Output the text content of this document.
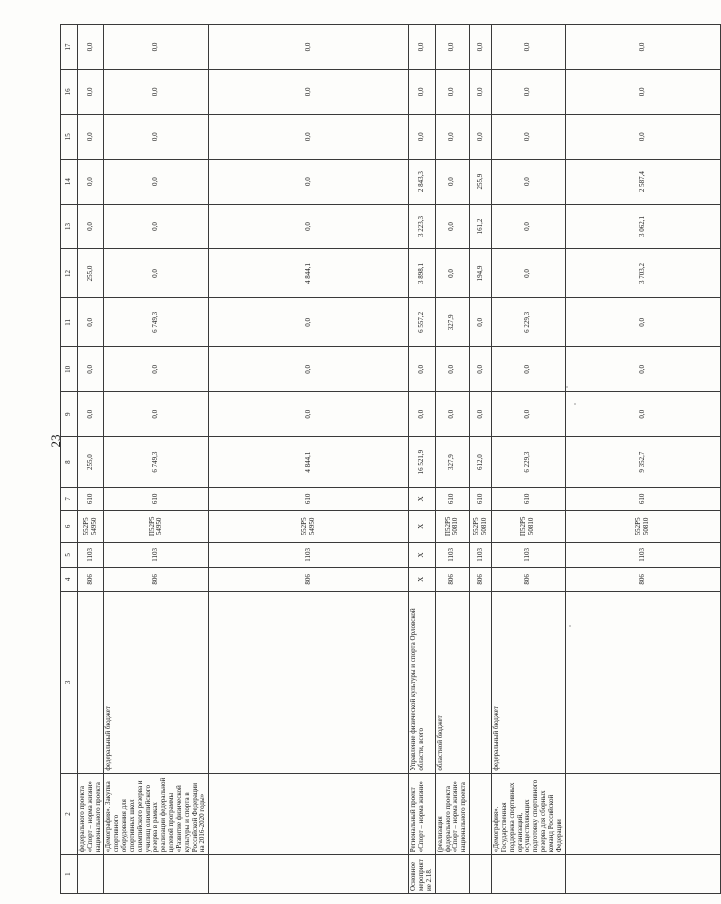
23
1	2	3	4	5	6	7	8	9	10	11	12	13	14	15	16	17
	федерального проекта «Спорт – норма жизни» национального проекта		806	1103	552P5 54950	610	255,0	0,0	0,0	0,0	255,0	0,0	0,0	0,0	0,0	0,0
	«Демография». Закупка спортивного оборудования для спортивных школ олимпийского резерва и училищ олимпийского резерва в рамках реализации федеральной целевой программы «Развитие физической культуры и спорта в Российской Федерации на 2016-2020 годы»	федеральный бюджет	806	1103	П52Р5 54950	610	6 749,3	0,0	0,0	6 749,3	0,0	0,0	0,0	0,0	0,0	0,0
			806	1103	552P5 54950	610	4 844,1	0,0	0,0	0,0	4 844,1	0,0	0,0	0,0	0,0	0,0
Основное мероприятие 2.18.	Региональный проект «Спорт – норма жизни»	Управление физической культуры и спорта Орловской области, всего	Х	Х	Х	Х	16 521,9	0,0	0,0	6 557,2	3 898,1	3 223,3	2 843,3	0,0	0,0	0,0
	(реализация федерального проекта «Спорт – норма жизни» национального проекта	областной бюджет	806	1103	П52Р5 50810	610	327,9	0,0	0,0	327,9	0,0	0,0	0,0	0,0	0,0	0,0
			806	1103	552P5 50810	610	612,0	0,0	0,0	0,0	194,9	161,2	255,9	0,0	0,0	0,0
	«Демография». Государственная поддержка спортивных организаций, осуществляющих подготовку спортивного резерва для сборных команд Российской Федерации	федеральный бюджет	806	1103	П52Р5 50810	610	6 229,3	0,0	0,0	6 229,3	0,0	0,0	0,0	0,0	0,0	0,0
			806	1103	552P5 50810	610	9 352,7	0,0	0,0	0,0	3 703,2	3 062,1	2 587,4	0,0	0,0	0,0
